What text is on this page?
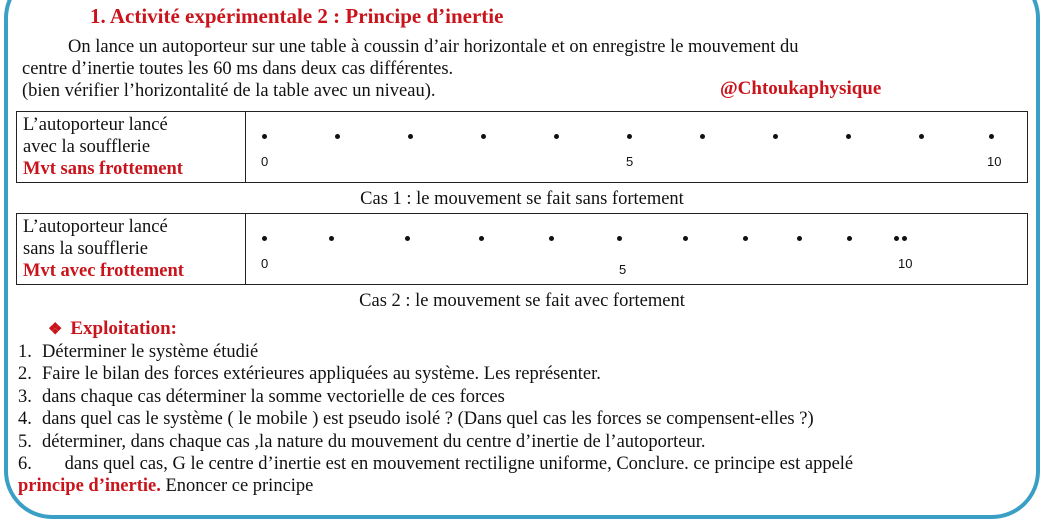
1. Activité expérimentale 2 : Principe d’inertie

On lance un autoporteur sur une table à coussin d’air horizontale et on enregistre le mouvement du

centre d’inertie toutes les 60 ms dans deux cas différentes.

(bien vérifier l’horizontalité de la table avec un niveau).	@Chtoukaphysique
L’autoporteur lancé
avec la soufflerie
Mvt sans frottement	0	5	10
Cas 1 : le mouvement se fait sans fortement
L’autoporteur lancé
sans la soufflerie
Mvt avec frottement	0	5	10
Cas 2 : le mouvement se fait avec fortement
❖ Exploitation:
1. Déterminer le système étudié
2. Faire le bilan des forces extérieures appliquées au système. Les représenter.
3. dans chaque cas déterminer la somme vectorielle de ces forces
4. dans quel cas le système ( le mobile ) est pseudo isolé ? (Dans quel cas les forces se compensent-elles ?)
5. déterminer, dans chaque cas ,la nature du mouvement du centre d’inertie de l’autoporteur.
6. dans quel cas, G le centre d’inertie est en mouvement rectiligne uniforme, Conclure. ce principe est appelé
principe d’inertie. Enoncer ce principe
